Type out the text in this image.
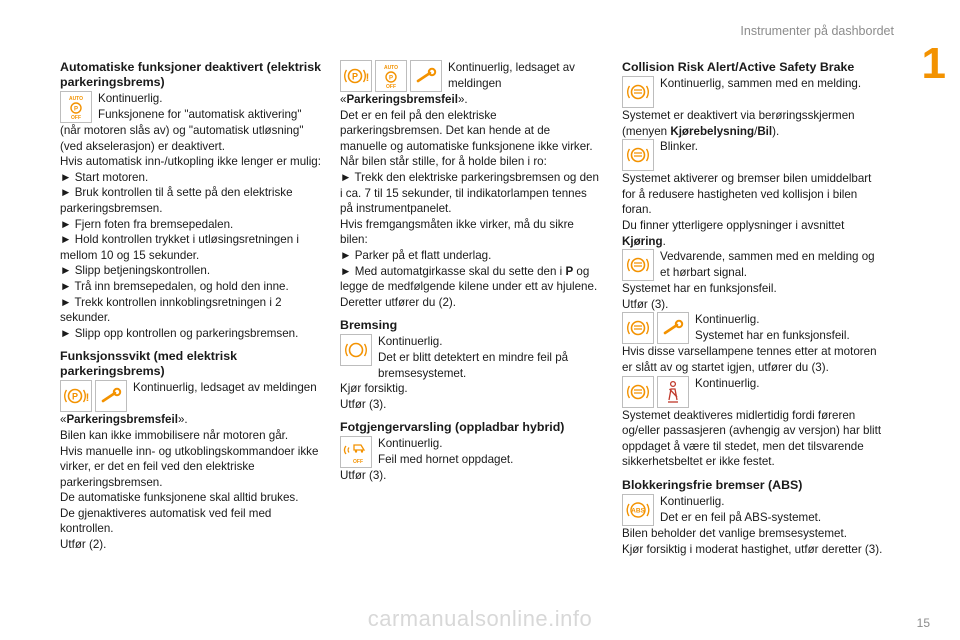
Instrumenter på dashbordet
1
Automatiske funksjoner deaktivert (elektrisk parkeringsbrems)
AUTO
P
OFF

Kontinuerlig.

Funksjonene for "automatisk aktivering"

(når motoren slås av) og "automatisk utløsning" (ved akselerasjon) er deaktivert.

Hvis automatisk inn-/utkopling ikke lenger er mulig:

► Start motoren.

► Bruk kontrollen til å sette på den elektriske parkeringsbremsen.

► Fjern foten fra bremsepedalen.

► Hold kontrollen trykket i utløsingsretningen i mellom 10 og 15 sekunder.

► Slipp betjeningskontrollen.

► Trå inn bremsepedalen, og hold den inne.

► Trekk kontrollen innkoblingsretningen i 2 sekunder.

► Slipp opp kontrollen og parkeringsbremsen.

Funksjonssvikt (med elektrisk parkeringsbrems)
P !

Kontinuerlig, ledsaget av meldingen

«Parkeringsbremsfeil».

Bilen kan ikke immobilisere når motoren går.

Hvis manuelle inn- og utkoblingskommandoer ikke virker, er det en feil ved den elektriske parkeringsbremsen.

De automatiske funksjonene skal alltid brukes.

De gjenaktiveres automatisk ved feil med kontrollen.

Utfør (2).

P !
AUTO
P
OFF

Kontinuerlig, ledsaget av meldingen

«Parkeringsbremsfeil».

Det er en feil på den elektriske parkeringsbremsen. Det kan hende at de manuelle og automatiske funksjonene ikke virker.

Når bilen står stille, for å holde bilen i ro:

► Trekk den elektriske parkeringsbremsen og den i ca. 7 til 15 sekunder, til indikatorlampen tennes på instrumentpanelet.

Hvis fremgangsmåten ikke virker, må du sikre bilen:

► Parker på et flatt underlag.

► Med automatgirkasse skal du sette den i P og legge de medfølgende kilene under ett av hjulene.

Deretter utfører du (2).

Bremsing

Kontinuerlig.

Det er blitt detektert en mindre feil på bremsesystemet.

Kjør forsiktig.

Utfør (3).

Fotgjengervarsling (oppladbar hybrid)
OFF

Kontinuerlig.

Feil med hornet oppdaget.

Utfør (3).

Collision Risk Alert/Active Safety Brake

Kontinuerlig, sammen med en melding.

Systemet er deaktivert via berøringsskjermen (menyen Kjørebelysning/Bil).

Blinker.

Systemet aktiverer og bremser bilen umiddelbart for å redusere hastigheten ved kollisjon i bilen foran.

Du finner ytterligere opplysninger i avsnittet Kjøring.

Vedvarende, sammen med en melding og et hørbart signal.

Systemet har en funksjonsfeil.

Utfør (3).

Kontinuerlig.

Systemet har en funksjonsfeil.

Hvis disse varsellampene tennes etter at motoren er slått av og startet igjen, utfører du (3).

Kontinuerlig.

Systemet deaktiveres midlertidig fordi føreren og/eller passasjeren (avhengig av versjon) har blitt oppdaget å være til stedet, men det tilsvarende sikkerhetsbeltet er ikke festet.

Blokkeringsfrie bremser (ABS)
ABS

Kontinuerlig.

Det er en feil på ABS-systemet.

Bilen beholder det vanlige bremsesystemet.

Kjør forsiktig i moderat hastighet, utfør deretter (3).

carmanualsonline.info	15
